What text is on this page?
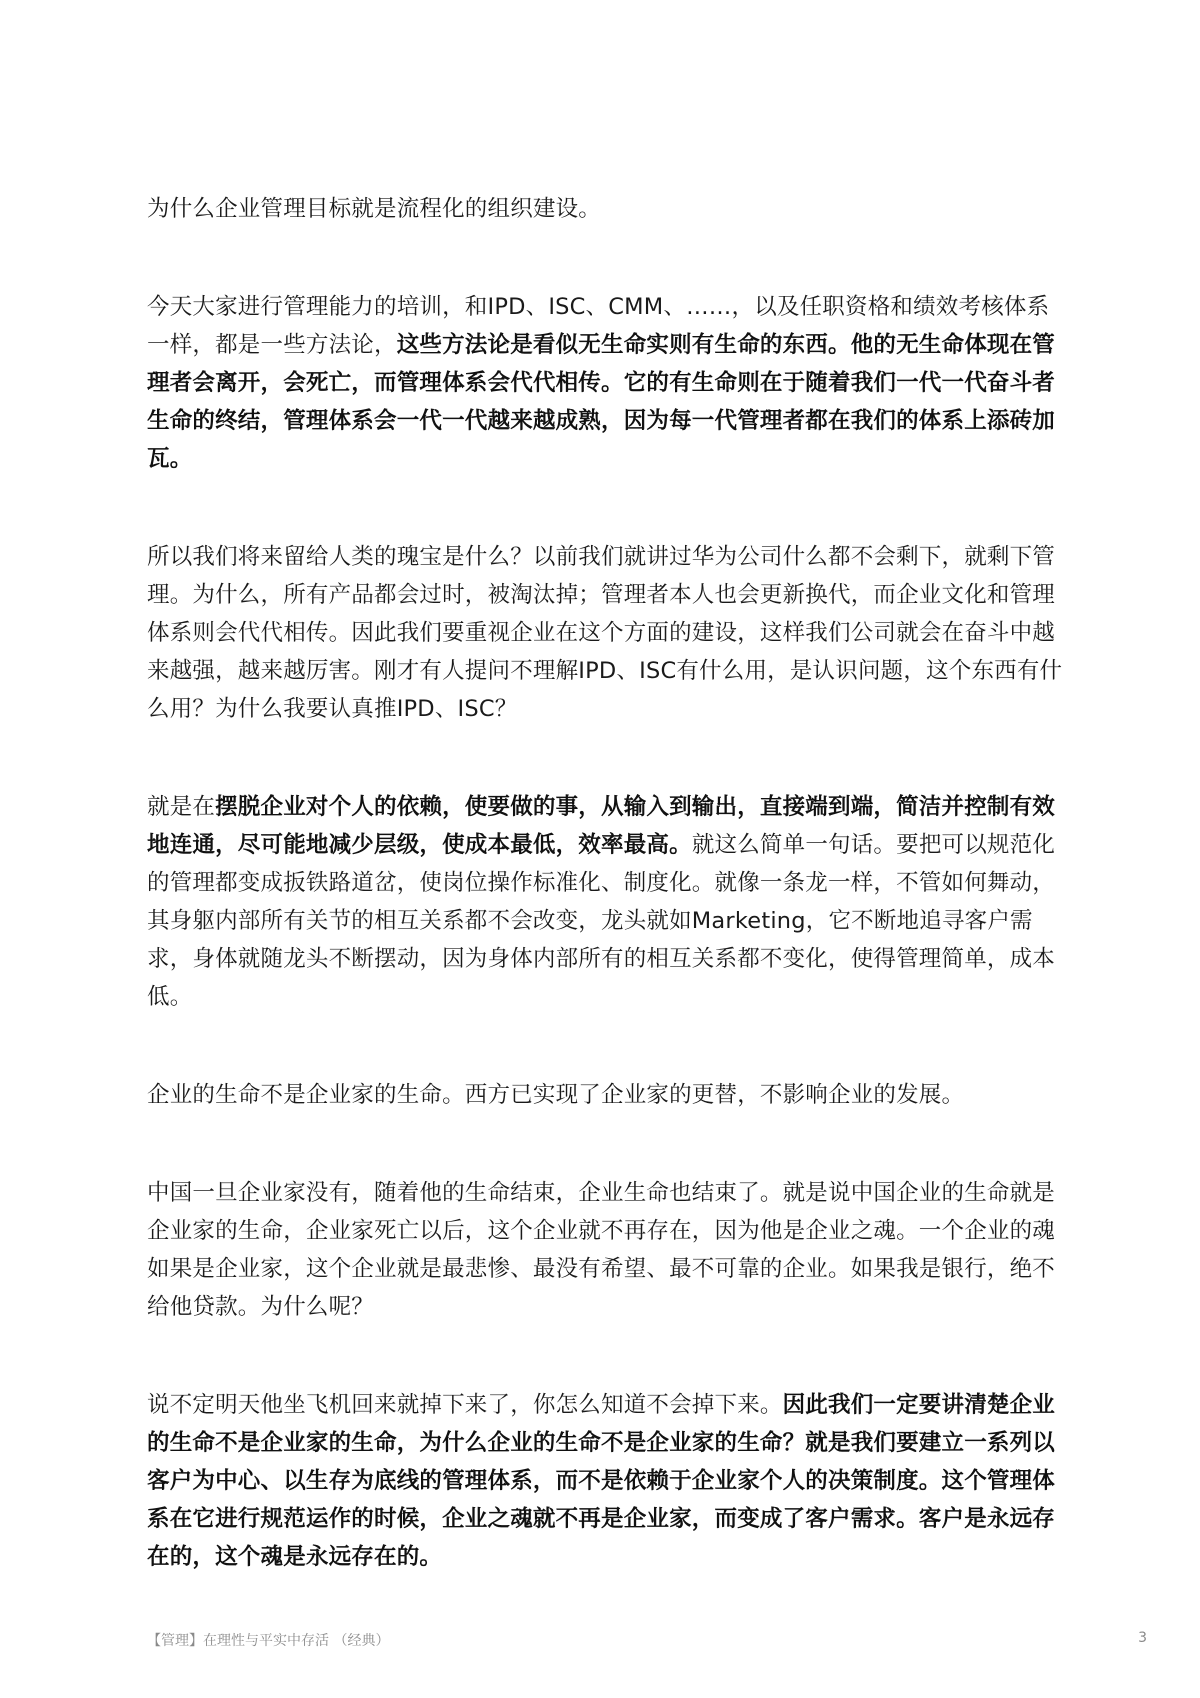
为什么企业管理目标就是流程化的组织建设。

今天大家进行管理能力的培训，和IPD、ISC、CMM、……，以及任职资格和绩效考核体系一样，都是一些方法论，这些方法论是看似无生命实则有生命的东西。他的无生命体现在管理者会离开，会死亡，而管理体系会代代相传。它的有生命则在于随着我们一代一代奋斗者生命的终结，管理体系会一代一代越来越成熟，因为每一代管理者都在我们的体系上添砖加瓦。

所以我们将来留给人类的瑰宝是什么？以前我们就讲过华为公司什么都不会剩下，就剩下管理。为什么，所有产品都会过时，被淘汰掉；管理者本人也会更新换代，而企业文化和管理体系则会代代相传。因此我们要重视企业在这个方面的建设，这样我们公司就会在奋斗中越来越强，越来越厉害。刚才有人提问不理解IPD、ISC有什么用，是认识问题，这个东西有什么用？为什么我要认真推IPD、ISC？

就是在摆脱企业对个人的依赖，使要做的事，从输入到输出，直接端到端，简洁并控制有效地连通，尽可能地减少层级，使成本最低，效率最高。就这么简单一句话。要把可以规范化的管理都变成扳铁路道岔，使岗位操作标准化、制度化。就像一条龙一样，不管如何舞动，其身躯内部所有关节的相互关系都不会改变，龙头就如Marketing，它不断地追寻客户需求，身体就随龙头不断摆动，因为身体内部所有的相互关系都不变化，使得管理简单，成本低。

企业的生命不是企业家的生命。西方已实现了企业家的更替，不影响企业的发展。

中国一旦企业家没有，随着他的生命结束，企业生命也结束了。就是说中国企业的生命就是企业家的生命，企业家死亡以后，这个企业就不再存在，因为他是企业之魂。一个企业的魂如果是企业家，这个企业就是最悲惨、最没有希望、最不可靠的企业。如果我是银行，绝不给他贷款。为什么呢？

说不定明天他坐飞机回来就掉下来了，你怎么知道不会掉下来。因此我们一定要讲清楚企业的生命不是企业家的生命，为什么企业的生命不是企业家的生命？就是我们要建立一系列以客户为中心、以生存为底线的管理体系，而不是依赖于企业家个人的决策制度。这个管理体系在它进行规范运作的时候，企业之魂就不再是企业家，而变成了客户需求。客户是永远存在的，这个魂是永远存在的。

【管理】在理性与平实中存活 （经典）	3
